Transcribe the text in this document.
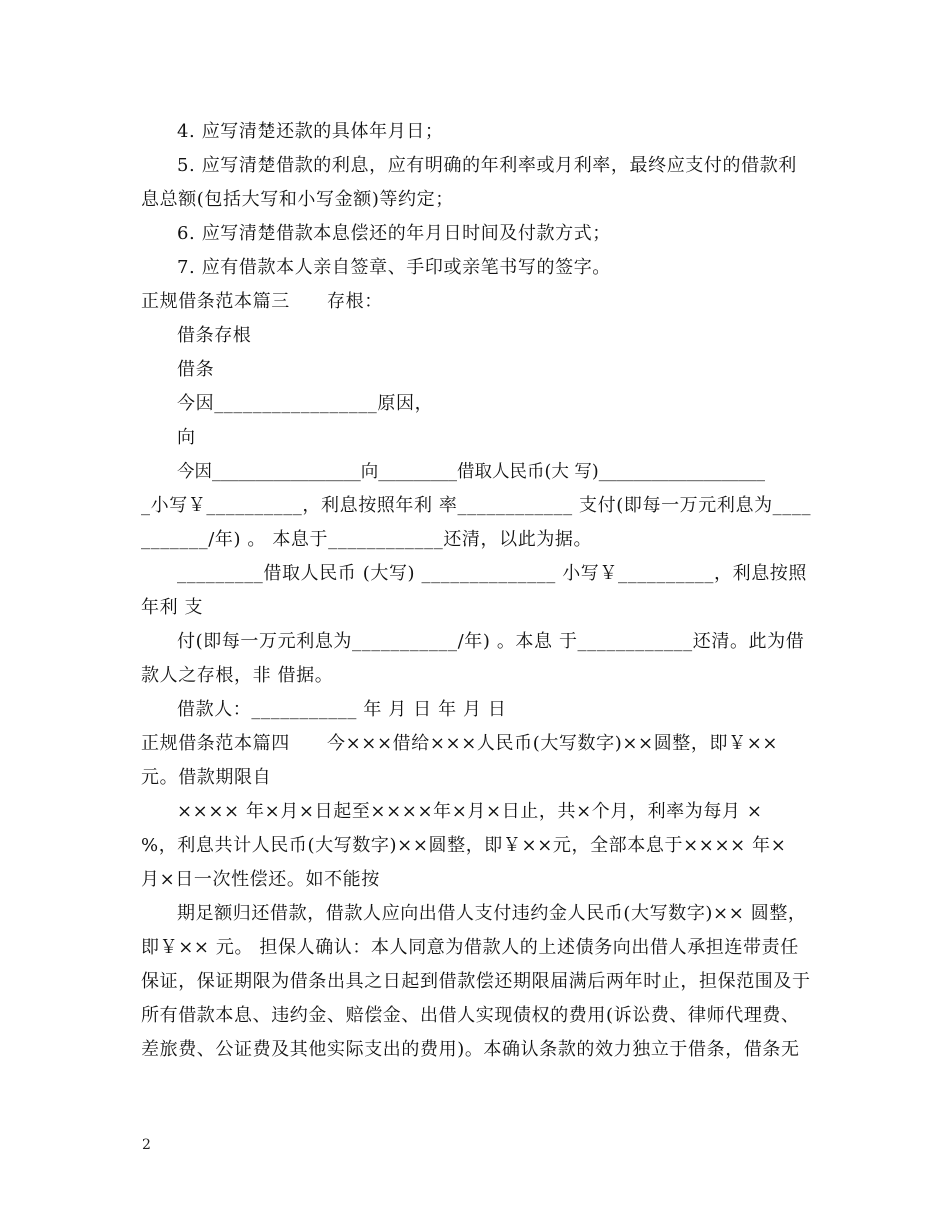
4. 应写清楚还款的具体年月日；
5. 应写清楚借款的利息，应有明确的年利率或月利率，最终应支付的借款利
息总额(包括大写和小写金额)等约定；
6. 应写清楚借款本息偿还的年月日时间及付款方式；
7. 应有借款本人亲自签章、手印或亲笔书写的签字。
正规借条范本篇三　　存根：
借条存根
借条
今因_________________原因，
向
今因_________________向_________借取人民币(大 写)___________________
_小写￥__________，利息按照年利 率____________ 支付(即每一万元利息为____
_______/年) 。 本息于____________还清，以此为据。
_________借取人民币 (大写) ______________ 小写￥__________，利息按照
年利 支
付(即每一万元利息为___________/年) 。本息 于____________还清。此为借
款人之存根，非 借据。
借款人：___________ 年 月 日 年 月 日
正规借条范本篇四　　今×××借给×××人民币(大写数字)××圆整，即￥××
元。借款期限自
×××× 年×月×日起至××××年×月×日止，共×个月，利率为每月 ×
%，利息共计人民币(大写数字)××圆整，即￥××元，全部本息于×××× 年×
月×日一次性偿还。如不能按
期足额归还借款，借款人应向出借人支付违约金人民币(大写数字)×× 圆整，
即￥×× 元。 担保人确认：本人同意为借款人的上述债务向出借人承担连带责任
保证，保证期限为借条出具之日起到借款偿还期限届满后两年时止，担保范围及于
所有借款本息、违约金、赔偿金、出借人实现债权的费用(诉讼费、律师代理费、
差旅费、公证费及其他实际支出的费用)。本确认条款的效力独立于借条，借条无
2
